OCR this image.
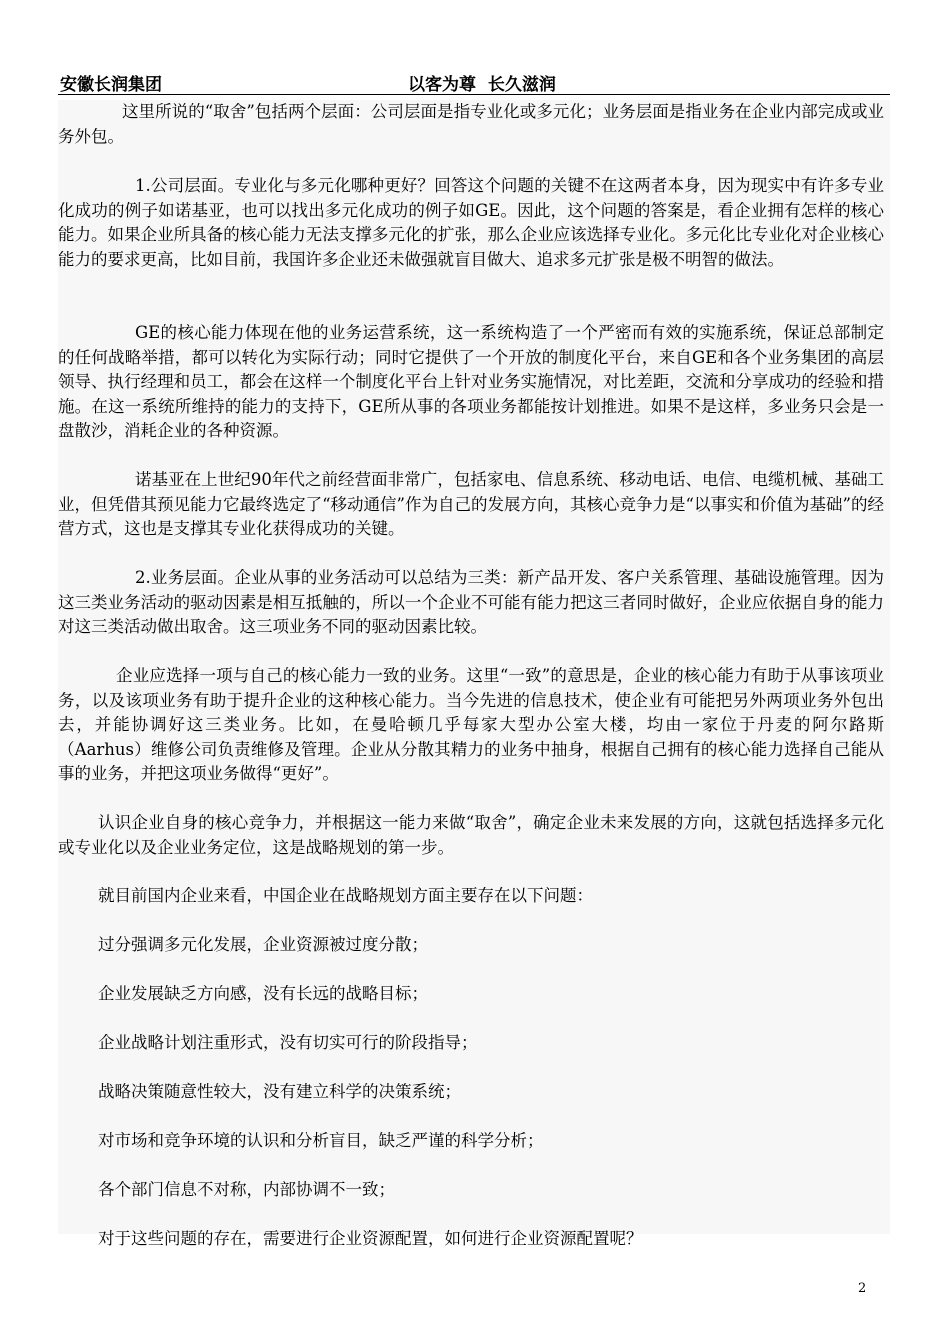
安徽长润集团	以客为尊  长久滋润

这里所说的“取舍”包括两个层面：公司层面是指专业化或多元化；业务层面是指业务在企业内部完成或业务外包。

1.公司层面。专业化与多元化哪种更好？回答这个问题的关键不在这两者本身，因为现实中有许多专业化成功的例子如诺基亚，也可以找出多元化成功的例子如GE。因此，这个问题的答案是，看企业拥有怎样的核心能力。如果企业所具备的核心能力无法支撑多元化的扩张，那么企业应该选择专业化。多元化比专业化对企业核心能力的要求更高，比如目前，我国许多企业还未做强就盲目做大、追求多元扩张是极不明智的做法。

GE的核心能力体现在他的业务运营系统，这一系统构造了一个严密而有效的实施系统，保证总部制定的任何战略举措，都可以转化为实际行动；同时它提供了一个开放的制度化平台，来自GE和各个业务集团的高层领导、执行经理和员工，都会在这样一个制度化平台上针对业务实施情况，对比差距，交流和分享成功的经验和措施。在这一系统所维持的能力的支持下，GE所从事的各项业务都能按计划推进。如果不是这样，多业务只会是一盘散沙，消耗企业的各种资源。

诺基亚在上世纪90年代之前经营面非常广，包括家电、信息系统、移动电话、电信、电缆机械、基础工业，但凭借其预见能力它最终选定了“移动通信”作为自己的发展方向，其核心竞争力是“以事实和价值为基础”的经营方式，这也是支撑其专业化获得成功的关键。

2.业务层面。企业从事的业务活动可以总结为三类：新产品开发、客户关系管理、基础设施管理。因为这三类业务活动的驱动因素是相互抵触的，所以一个企业不可能有能力把这三者同时做好，企业应依据自身的能力对这三类活动做出取舍。这三项业务不同的驱动因素比较。

企业应选择一项与自己的核心能力一致的业务。这里“一致”的意思是，企业的核心能力有助于从事该项业务，以及该项业务有助于提升企业的这种核心能力。当今先进的信息技术，使企业有可能把另外两项业务外包出去，并能协调好这三类业务。比如，在曼哈顿几乎每家大型办公室大楼，均由一家位于丹麦的阿尔路斯（Aarhus）维修公司负责维修及管理。企业从分散其精力的业务中抽身，根据自己拥有的核心能力选择自己能从事的业务，并把这项业务做得“更好”。

认识企业自身的核心竞争力，并根据这一能力来做“取舍”，确定企业未来发展的方向，这就包括选择多元化或专业化以及企业业务定位，这是战略规划的第一步。

就目前国内企业来看，中国企业在战略规划方面主要存在以下问题：

过分强调多元化发展，企业资源被过度分散；

企业发展缺乏方向感，没有长远的战略目标；

企业战略计划注重形式，没有切实可行的阶段指导；

战略决策随意性较大，没有建立科学的决策系统；

对市场和竞争环境的认识和分析盲目，缺乏严谨的科学分析；

各个部门信息不对称，内部协调不一致；

对于这些问题的存在，需要进行企业资源配置，如何进行企业资源配置呢？

2
